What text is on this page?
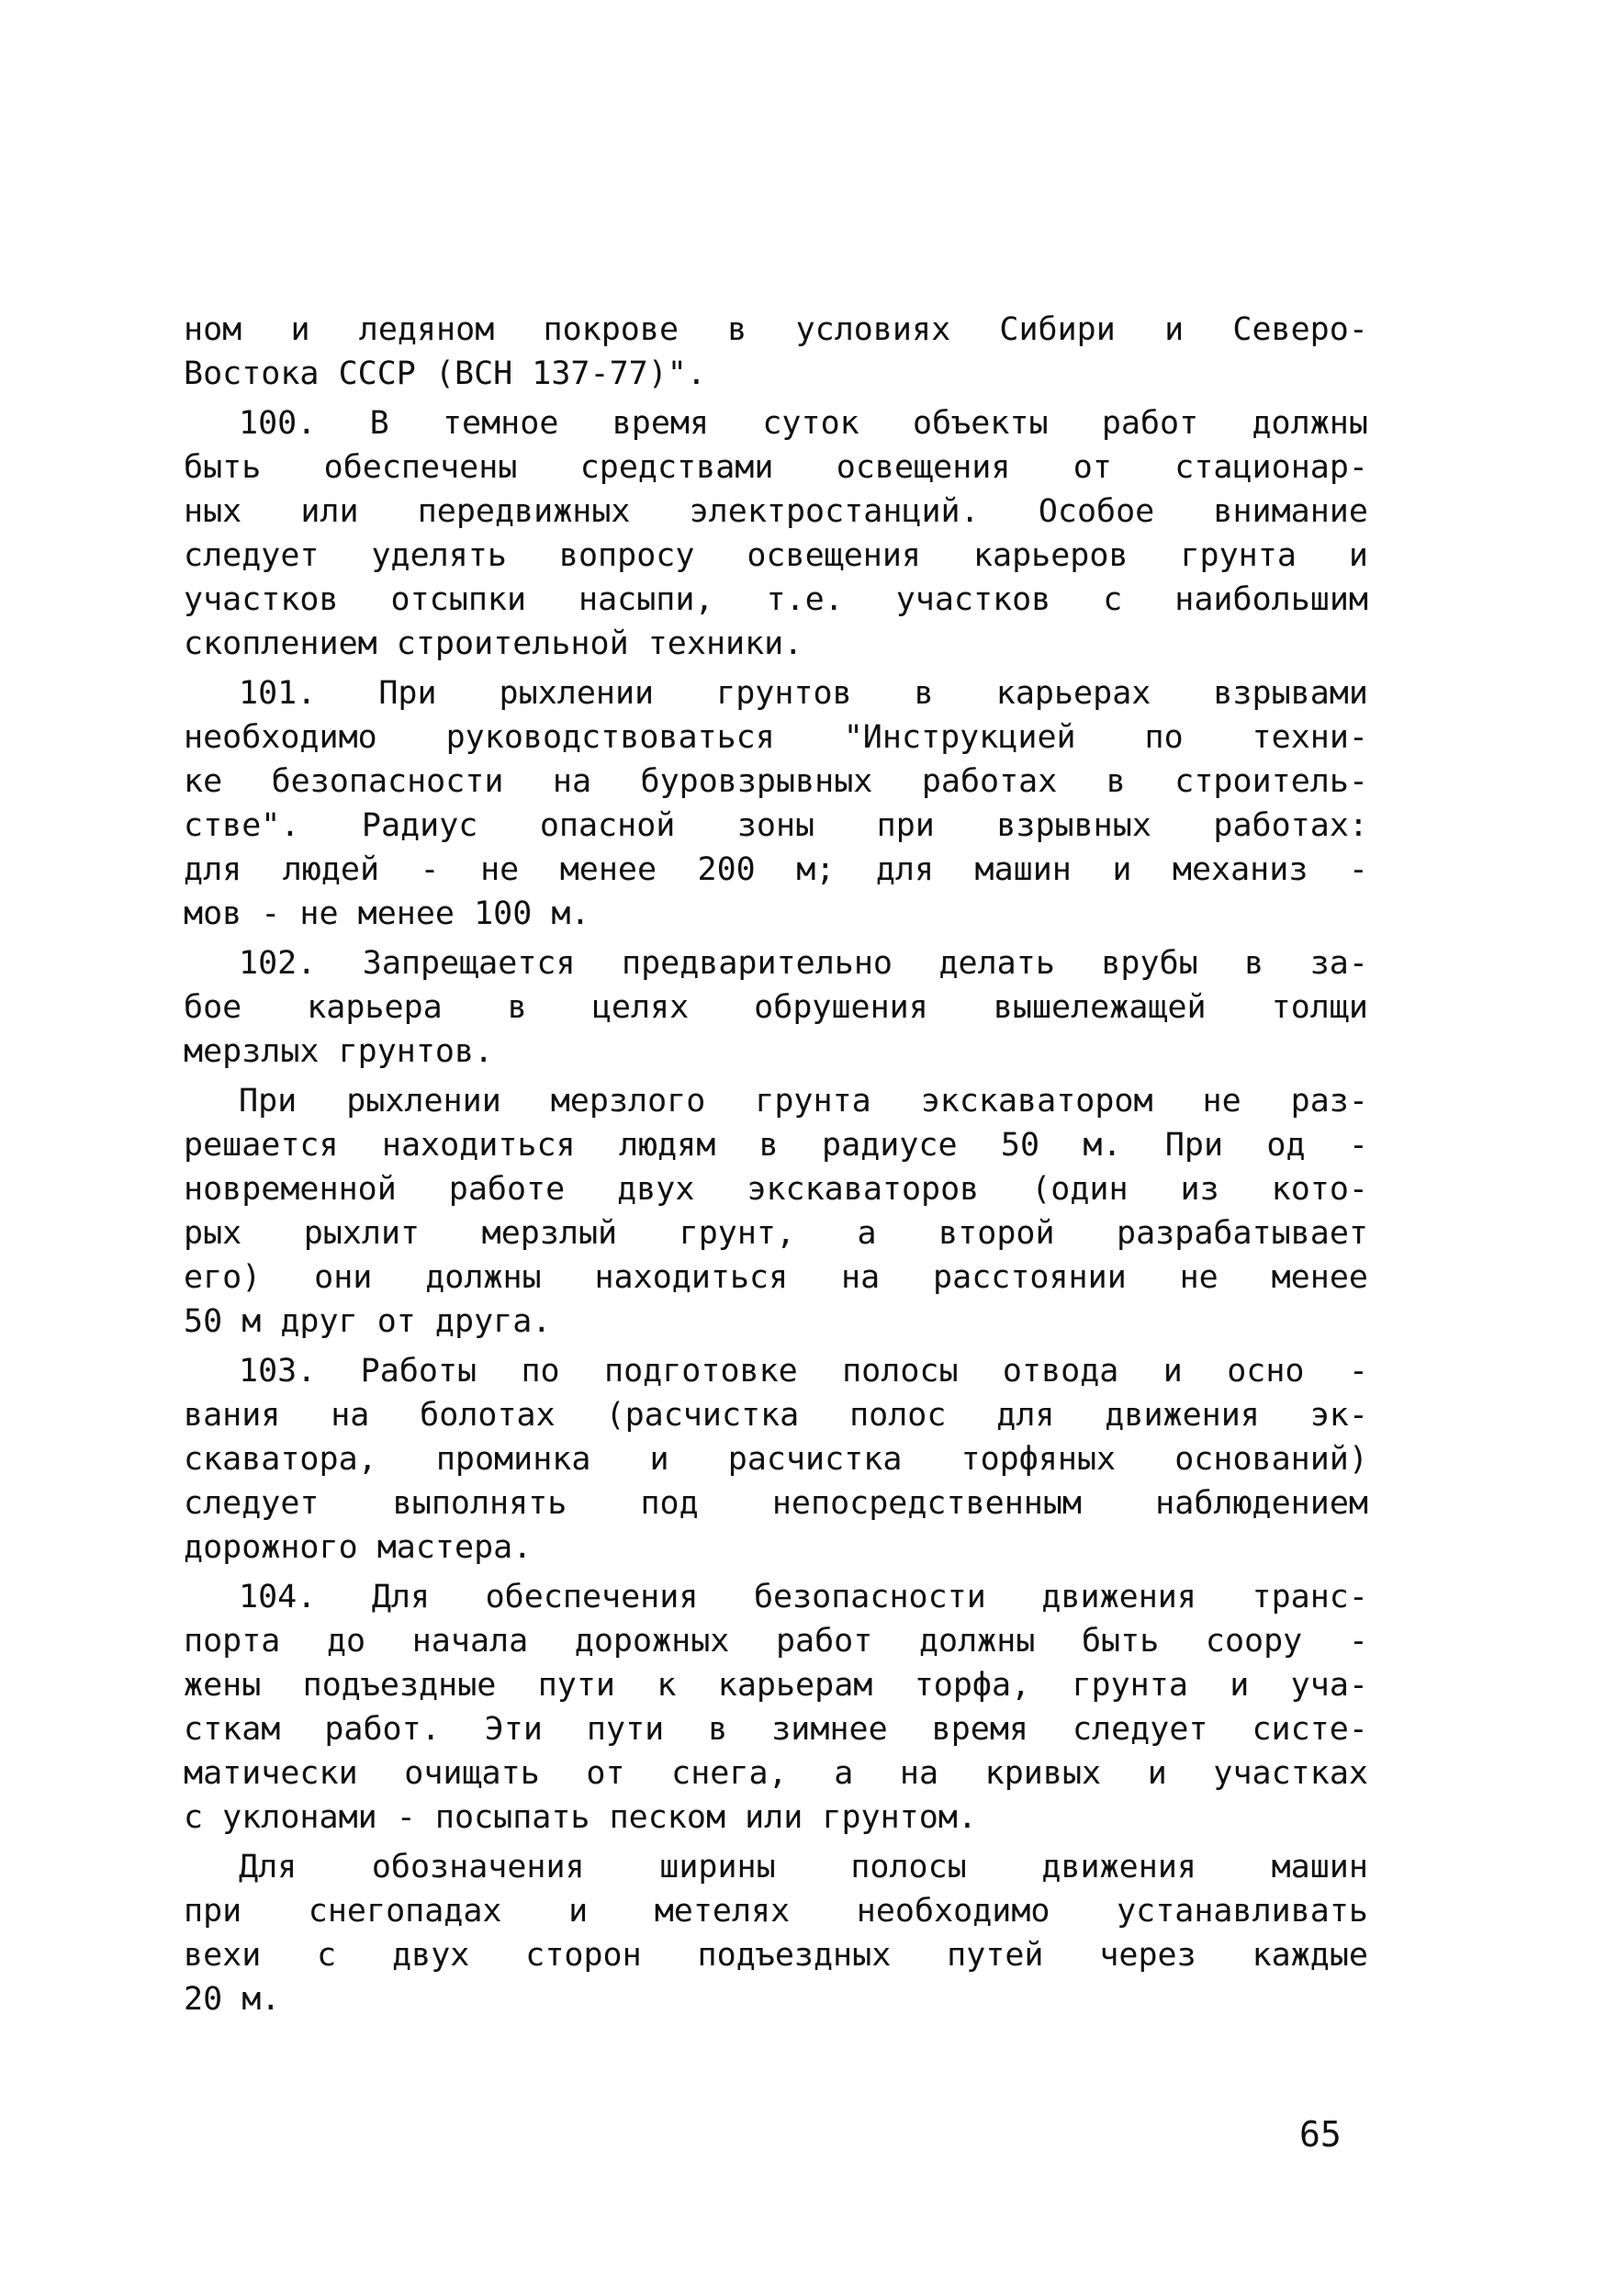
ном и ледяном покрове в условиях Сибири и Северо-
Востока СССР (ВСН 137-77)".
100. В темное время суток объекты работ должны
быть обеспечены средствами освещения от стационар-
ных или передвижных электростанций. Особое внимание
следует уделять вопросу освещения карьеров грунта и
участков отсыпки насыпи, т.е. участков с наибольшим
скоплением строительной техники.
101. При рыхлении грунтов в карьерах взрывами
необходимо руководствоваться "Инструкцией по техни-
ке безопасности на буровзрывных работах в строитель-
стве". Радиус опасной зоны при взрывных работах:
для людей - не менее 200 м; для машин и механиз -
мов - не менее 100 м.
102. Запрещается предварительно делать врубы в за-
бое карьера в целях обрушения вышележащей толщи
мерзлых грунтов.
При рыхлении мерзлого грунта экскаватором не раз-
решается находиться людям в радиусе 50 м. При од -
новременной работе двух экскаваторов (один из кото-
рых рыхлит мерзлый грунт, а второй разрабатывает
его) они должны находиться на расстоянии не менее
50 м друг от друга.
103. Работы по подготовке полосы отвода и осно -
вания на болотах (расчистка полос для движения эк-
скаватора, проминка и расчистка торфяных оснований)
следует выполнять под непосредственным наблюдением
дорожного мастера.
104. Для обеспечения безопасности движения транс-
порта до начала дорожных работ должны быть соору -
жены подъездные пути к карьерам торфа, грунта и уча-
сткам работ. Эти пути в зимнее время следует систе-
матически очищать от снега, а на кривых и участках
с уклонами - посыпать песком или грунтом.
Для обозначения ширины полосы движения машин
при снегопадах и метелях необходимо устанавливать
вехи с двух сторон подъездных путей через каждые
20 м.
65
